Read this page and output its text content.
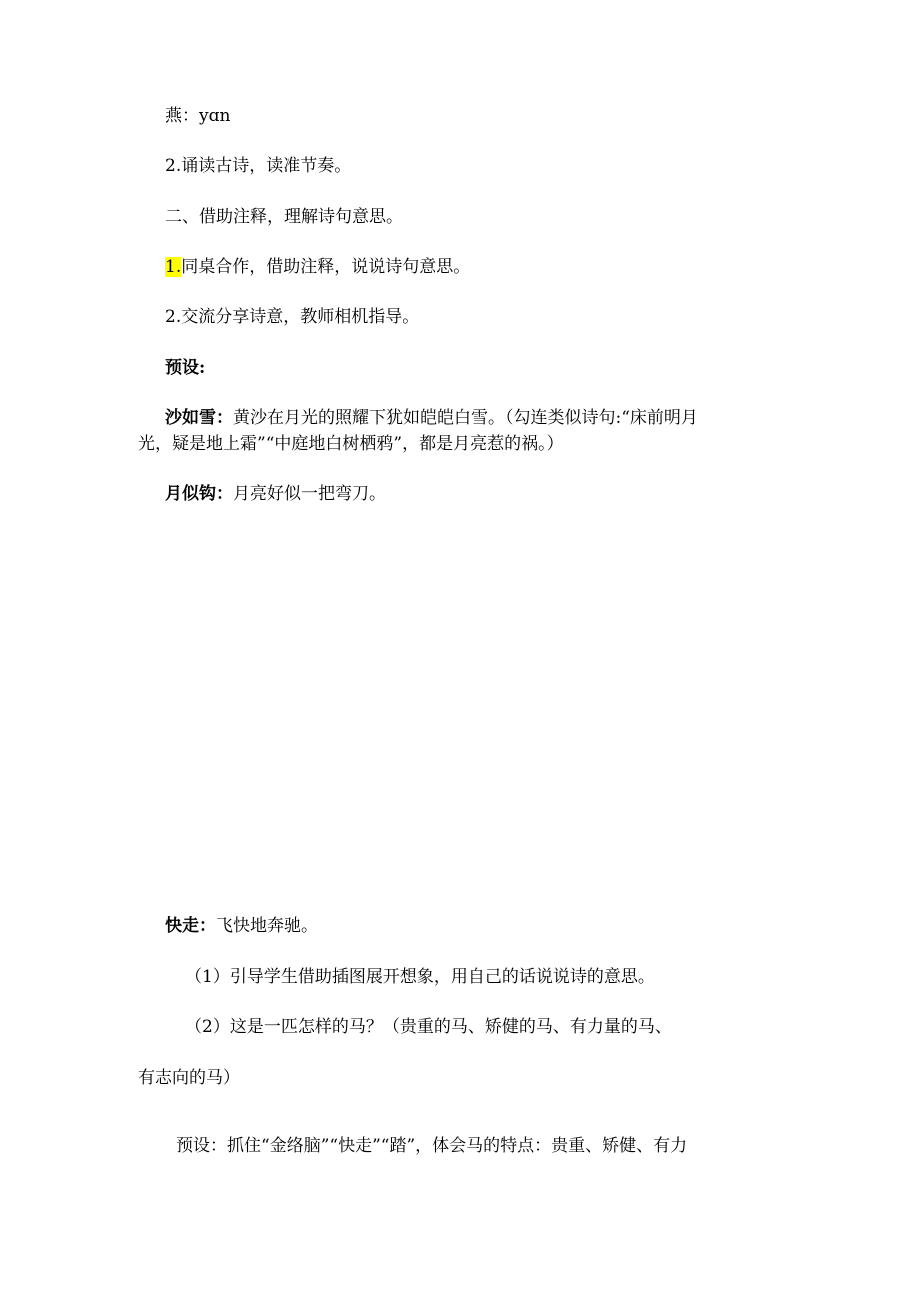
燕：yɑn
2.诵读古诗，读准节奏。
二、借助注释，理解诗句意思。
1.同桌合作，借助注释，说说诗句意思。
2.交流分享诗意，教师相机指导。
预设:
沙如雪：黄沙在月光的照耀下犹如皑皑白雪。（勾连类似诗句:“床前明月
光，疑是地上霜”“中庭地白树栖鸦”，都是月亮惹的祸。）
月似钩：月亮好似一把弯刀。
快走：飞快地奔驰。
（1）引导学生借助插图展开想象，用自己的话说说诗的意思。
（2）这是一匹怎样的马？（贵重的马、矫健的马、有力量的马、
有志向的马）
预设：抓住“金络脑”“快走”“踏”，体会马的特点：贵重、矫健、有力
